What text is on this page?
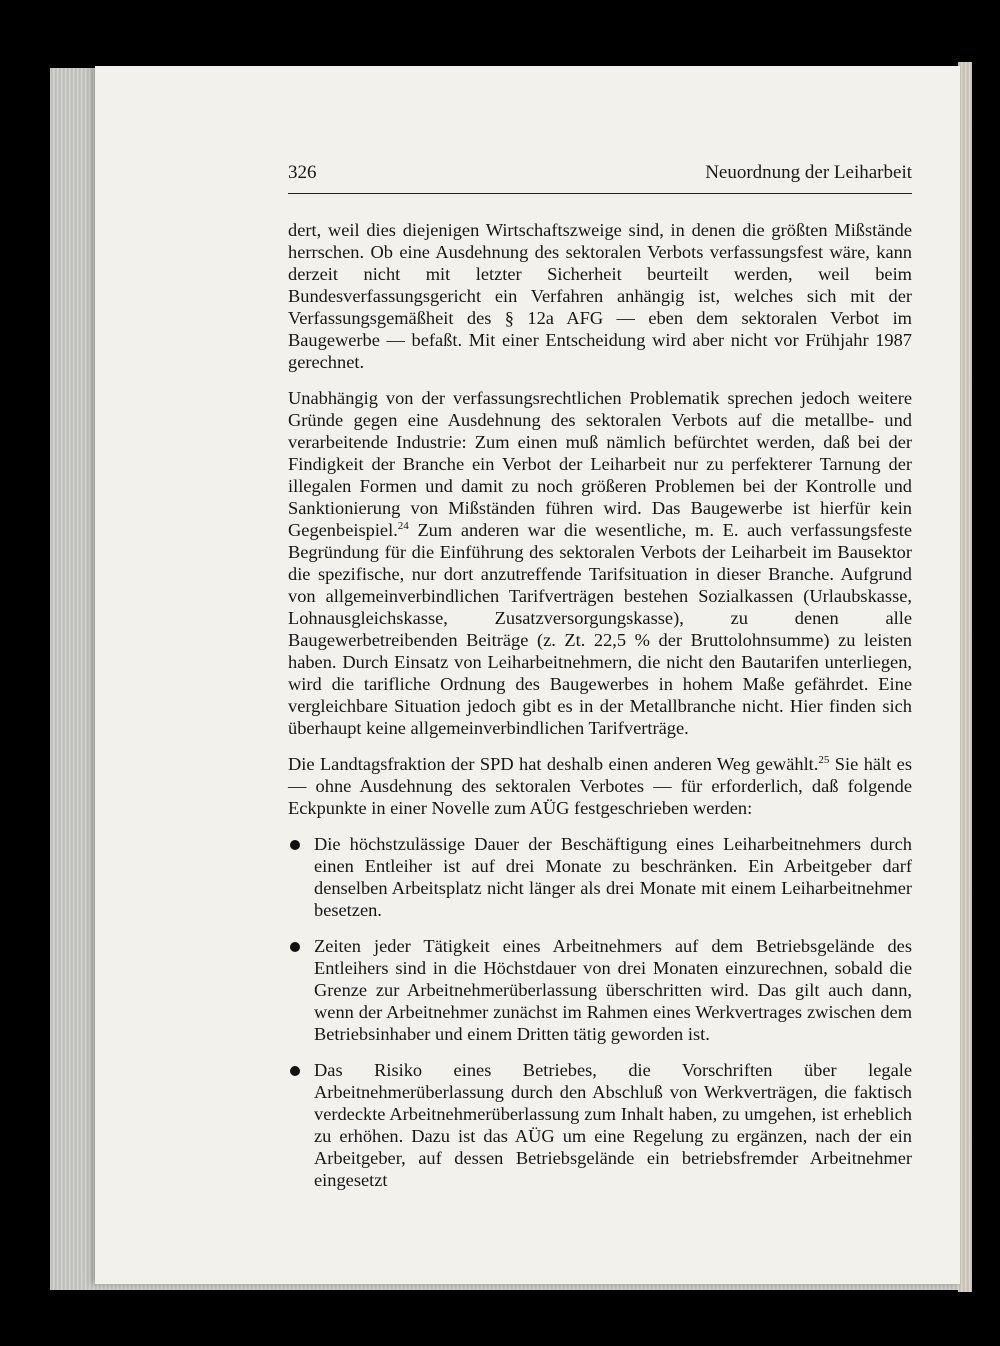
326	Neuordnung der Leiharbeit

dert, weil dies diejenigen Wirtschaftszweige sind, in denen die größten Mißstände herrschen. Ob eine Ausdehnung des sektoralen Verbots verfassungsfest wäre, kann derzeit nicht mit letzter Sicherheit beurteilt werden, weil beim Bundesverfassungsgericht ein Verfahren anhängig ist, welches sich mit der Verfassungsgemäßheit des § 12a AFG — eben dem sektoralen Verbot im Baugewerbe — befaßt. Mit einer Entscheidung wird aber nicht vor Frühjahr 1987 gerechnet.

Unabhängig von der verfassungsrechtlichen Problematik sprechen jedoch weitere Gründe gegen eine Ausdehnung des sektoralen Verbots auf die metallbe- und verarbeitende Industrie: Zum einen muß nämlich befürchtet werden, daß bei der Findigkeit der Branche ein Verbot der Leiharbeit nur zu perfekterer Tarnung der illegalen Formen und damit zu noch größeren Problemen bei der Kontrolle und Sanktionierung von Mißständen führen wird. Das Baugewerbe ist hierfür kein Gegenbeispiel.$^{24}$ Zum anderen war die wesentliche, m. E. auch verfassungsfeste Begründung für die Einführung des sektoralen Verbots der Leiharbeit im Bausektor die spezifische, nur dort anzutreffende Tarifsituation in dieser Branche. Aufgrund von allgemeinverbindlichen Tarifverträgen bestehen Sozialkassen (Urlaubskasse, Lohnausgleichskasse, Zusatzversorgungskasse), zu denen alle Baugewerbetreibenden Beiträge (z. Zt. 22,5 % der Bruttolohnsumme) zu leisten haben. Durch Einsatz von Leiharbeitnehmern, die nicht den Bautarifen unterliegen, wird die tarifliche Ordnung des Baugewerbes in hohem Maße gefährdet. Eine vergleichbare Situation jedoch gibt es in der Metallbranche nicht. Hier finden sich überhaupt keine allgemeinverbindlichen Tarifverträge.

Die Landtagsfraktion der SPD hat deshalb einen anderen Weg gewählt.$^{25}$ Sie hält es — ohne Ausdehnung des sektoralen Verbotes — für erforderlich, daß folgende Eckpunkte in einer Novelle zum AÜG festgeschrieben werden:

Die höchstzulässige Dauer der Beschäftigung eines Leiharbeitnehmers durch einen Entleiher ist auf drei Monate zu beschränken. Ein Arbeitgeber darf denselben Arbeitsplatz nicht länger als drei Monate mit einem Leiharbeitnehmer besetzen.
Zeiten jeder Tätigkeit eines Arbeitnehmers auf dem Betriebsgelände des Entleihers sind in die Höchstdauer von drei Monaten einzurechnen, sobald die Grenze zur Arbeitnehmerüberlassung überschritten wird. Das gilt auch dann, wenn der Arbeitnehmer zunächst im Rahmen eines Werkvertrages zwischen dem Betriebsinhaber und einem Dritten tätig geworden ist.
Das Risiko eines Betriebes, die Vorschriften über legale Arbeitnehmerüberlassung durch den Abschluß von Werkverträgen, die faktisch verdeckte Arbeitnehmerüberlassung zum Inhalt haben, zu umgehen, ist erheblich zu erhöhen. Dazu ist das AÜG um eine Regelung zu ergänzen, nach der ein Arbeitgeber, auf dessen Betriebsgelände ein betriebsfremder Arbeitnehmer eingesetzt
